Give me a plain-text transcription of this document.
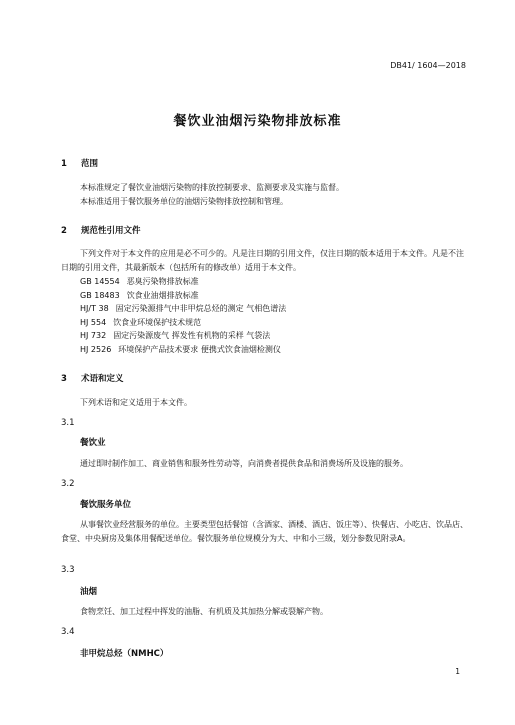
DB41/ 1604—2018
餐饮业油烟污染物排放标准
1 范围
本标准规定了餐饮业油烟污染物的排放控制要求、监测要求及实施与监督。
本标准适用于餐饮服务单位的油烟污染物排放控制和管理。
2 规范性引用文件
下列文件对于本文件的应用是必不可少的。凡是注日期的引用文件，仅注日期的版本适用于本文件。凡是不注日期的引用文件，其最新版本（包括所有的修改单）适用于本文件。
GB 14554 恶臭污染物排放标准
GB 18483 饮食业油烟排放标准
HJ/T 38 固定污染源排气中非甲烷总烃的测定 气相色谱法
HJ 554 饮食业环境保护技术规范
HJ 732 固定污染源废气 挥发性有机物的采样 气袋法
HJ 2526 环境保护产品技术要求 便携式饮食油烟检测仪
3 术语和定义
下列术语和定义适用于本文件。
3.1
餐饮业
通过即时制作加工、商业销售和服务性劳动等，向消费者提供食品和消费场所及设施的服务。
3.2
餐饮服务单位
从事餐饮业经营服务的单位。主要类型包括餐馆（含酒家、酒楼、酒店、饭庄等）、快餐店、小吃店、饮品店、食堂、中央厨房及集体用餐配送单位。餐饮服务单位规模分为大、中和小三级，划分参数见附录A。
3.3
油烟
食物烹饪、加工过程中挥发的油脂、有机质及其加热分解或裂解产物。
3.4
非甲烷总烃（NMHC）
1
